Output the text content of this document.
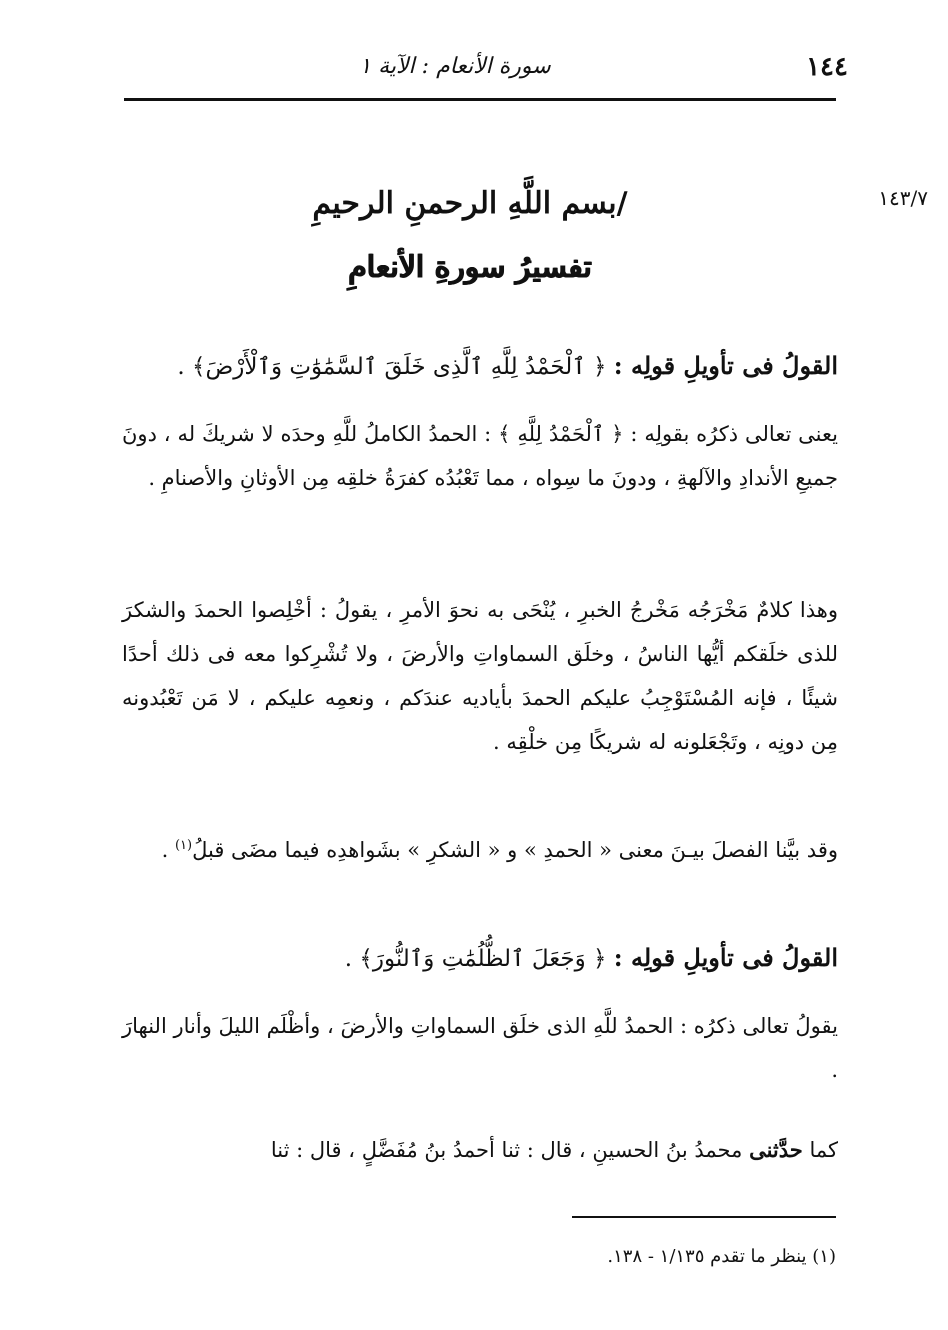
١٤٤
سورة الأنعام : الآية ١
١٤٣/٧
/بسم اللَّهِ الرحمنِ الرحيمِ
تفسيرُ سورةِ الأنعامِ
القولُ فى تأويلِ قولِه : ﴿ ٱلْحَمْدُ لِلَّهِ ٱلَّذِى خَلَقَ ٱلسَّمَٰوَٰتِ وَٱلْأَرْضَ﴾ .
يعنى تعالى ذكرُه بقولِه : ﴿ ٱلْحَمْدُ لِلَّهِ ﴾ : الحمدُ الكاملُ للَّهِ وحدَه لا شريكَ له ، دونَ جميعِ الأندادِ والآلهةِ ، ودونَ ما سِواه ، مما تَعْبُدُه كفرَةُ خلقِه مِن الأوثانِ والأصنامِ .
وهذا كلامٌ مَخْرَجُه مَخْرجُ الخبرِ ، يُنْحَى به نحوَ الأمرِ ، يقولُ : أخْلِصوا الحمدَ والشكرَ للذى خلَقكم أيُّها الناسُ ، وخلَق السماواتِ والأرضَ ، ولا تُشْرِكوا معه فى ذلك أحدًا شيئًا ، فإنه المُسْتَوْجِبُ عليكم الحمدَ بأياديه عندَكم ، ونعمِه عليكم ، لا مَن تَعْبُدونه مِن دونِه ، وتَجْعَلونه له شريكًا مِن خلْقِه .
وقد بيَّنا الفصلَ بيـنَ معنى « الحمدِ » و « الشكرِ » بشَواهدِه فيما مضَى قبلُ$^{(١)}$ .
القولُ فى تأويلِ قولِه : ﴿ وَجَعَلَ ٱلظُّلُمَٰتِ وَٱلنُّورَ﴾ .
يقولُ تعالى ذكرُه : الحمدُ للَّهِ الذى خلَق السماواتِ والأرضَ ، وأظْلَم الليلَ وأنار النهارَ .
كما حدَّثنى محمدُ بنُ الحسينِ ، قال : ثنا أحمدُ بنُ مُفَضَّلٍ ، قال : ثنا
(١) ينظر ما تقدم ١/١٣٥ - ١٣٨.
